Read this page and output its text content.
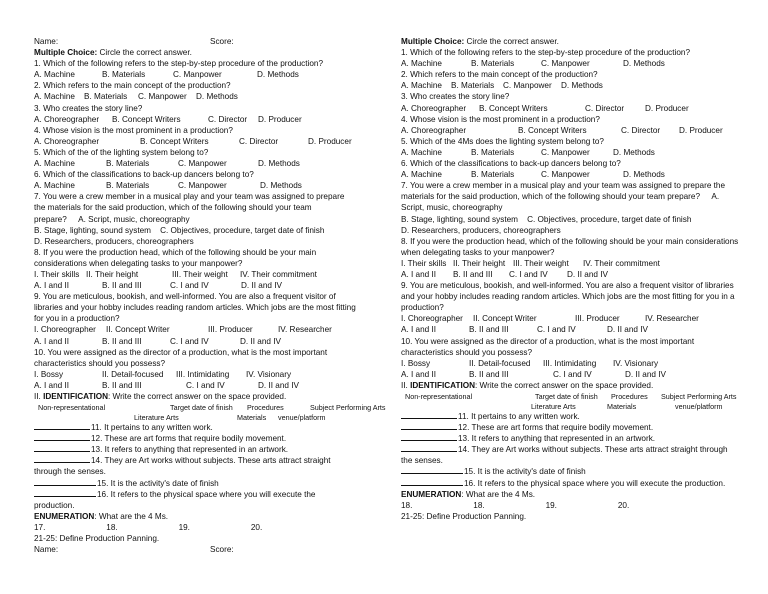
Name:	Score:
Multiple Choice: Circle the correct answer.
1. Which of the following refers to the step-by-step procedure of the production?
A. Machine	B. Materials	C. Manpower	D. Methods
2. Which refers to the main concept of the production?
A. Machine	B. Materials	C. Manpower	D. Methods
3. Who creates the story line?
A. Choreographer	B. Concept Writers	C. Director	D. Producer
4. Whose vision is the most prominent in a production?
A. Choreographer	B. Concept Writers	C. Director	D. Producer
5. Which of the of the lighting system belong to?
A. Machine	B. Materials	C. Manpower	D. Methods
6. Which of the classifications to back-up dancers belong to?
A. Machine	B. Materials	C. Manpower	D. Methods
7. You were a crew member in a musical play and your team was assigned to prepare the materials for the said production, which of the following should your team prepare? A. Script, music, choreography
B. Stage, lighting, sound system C. Objectives, procedure, target date of finish
D. Researchers, producers, choreographers
8. If you were the production head, which of the following should be your main considerations when delegating tasks to your manpower?
I. Their skills II. Their height	III. Their weight	IV. Their commitment
A. I and II	B. II and III	C. I and IV	D. II and IV
9. You are meticulous, bookish, and well-informed. You are also a frequent visitor of libraries and your hobby includes reading random articles. Which jobs are the most fitting for you in a production?
I. Choreographer	II. Concept Writer	III. Producer	IV. Researcher
A. I and II	B. II and III	C. I and IV	D. II and IV
10. You were assigned as the director of a production, what is the most important characteristics should you possess?
I. Bossy	II. Detail-focused	III. Intimidating	IV. Visionary
A. I and II	B. II and III	C. I and IV	D. II and IV
II. IDENTIFICATION: Write the correct answer on the space provided.
Non-representational	Target date of finish Procedures	Subject Performing Arts
Literature Arts	Materials venue/platform
11. It pertains to any written work.
12. These are art forms that require bodily movement.
13. It refers to anything that represented in an artwork.
14. They are Art works without subjects. These arts attract straight through the senses.
15. It is the activity's date of finish
16. It refers to the physical space where you will execute the production.
ENUMERATION: What are the 4 Ms.
17.	18.	19.	20.
21-25: Define Production Panning.
Name:	Score:
Multiple Choice: Circle the correct answer.
1. Which of the following refers to the step-by-step procedure of the production?
A. Machine	B. Materials	C. Manpower	D. Methods
2. Which refers to the main concept of the production?
A. Machine	B. Materials	C. Manpower	D. Methods
3. Who creates the story line?
A. Choreographer	B. Concept Writers	C. Director	D. Producer
4. Whose vision is the most prominent in a production?
A. Choreographer	B. Concept Writers	C. Director	D. Producer
5. Which of the 4Ms does the lighting system belong to?
A. Machine	B. Materials	C. Manpower	D. Methods
6. Which of the classifications to back-up dancers belong to?
A. Machine	B. Materials	C. Manpower	D. Methods
7. You were a crew member in a musical play and your team was assigned to prepare the materials for the said production, which of the following should your team prepare? A. Script, music, choreography
B. Stage, lighting, sound system C. Objectives, procedure, target date of finish
D. Researchers, producers, choreographers
8. If you were the production head, which of the following should be your main considerations when delegating tasks to your manpower?
I. Their skills II. Their height III. Their weight	IV. Their commitment
A. I and II	B. II and III	C. I and IV	D. II and IV
9. You are meticulous, bookish, and well-informed. You are also a frequent visitor of libraries and your hobby includes reading random articles. Which jobs are the most fitting for you in a production?
I. Choreographer	II. Concept Writer	III. Producer	IV. Researcher
A. I and II	B. II and III	C. I and IV	D. II and IV
10. You were assigned as the director of a production, what is the most important characteristics should you possess?
I. Bossy	II. Detail-focused	III. Intimidating	IV. Visionary
A. I and II	B. II and III	C. I and IV	D. II and IV
II. IDENTIFICATION: Write the correct answer on the space provided.
Non-representational	Target date of finish Procedures Subject Performing Arts
Literature Arts	Materials	venue/platform
11. It pertains to any written work.
12. These are art forms that require bodily movement.
13. It refers to anything that represented in an artwork.
14. They are Art works without subjects. These arts attract straight through the senses.
15. It is the activity's date of finish
16. It refers to the physical space where you will execute the production.
ENUMERATION: What are the 4 Ms.
18.	18.	19.	20.
21-25: Define Production Panning.
